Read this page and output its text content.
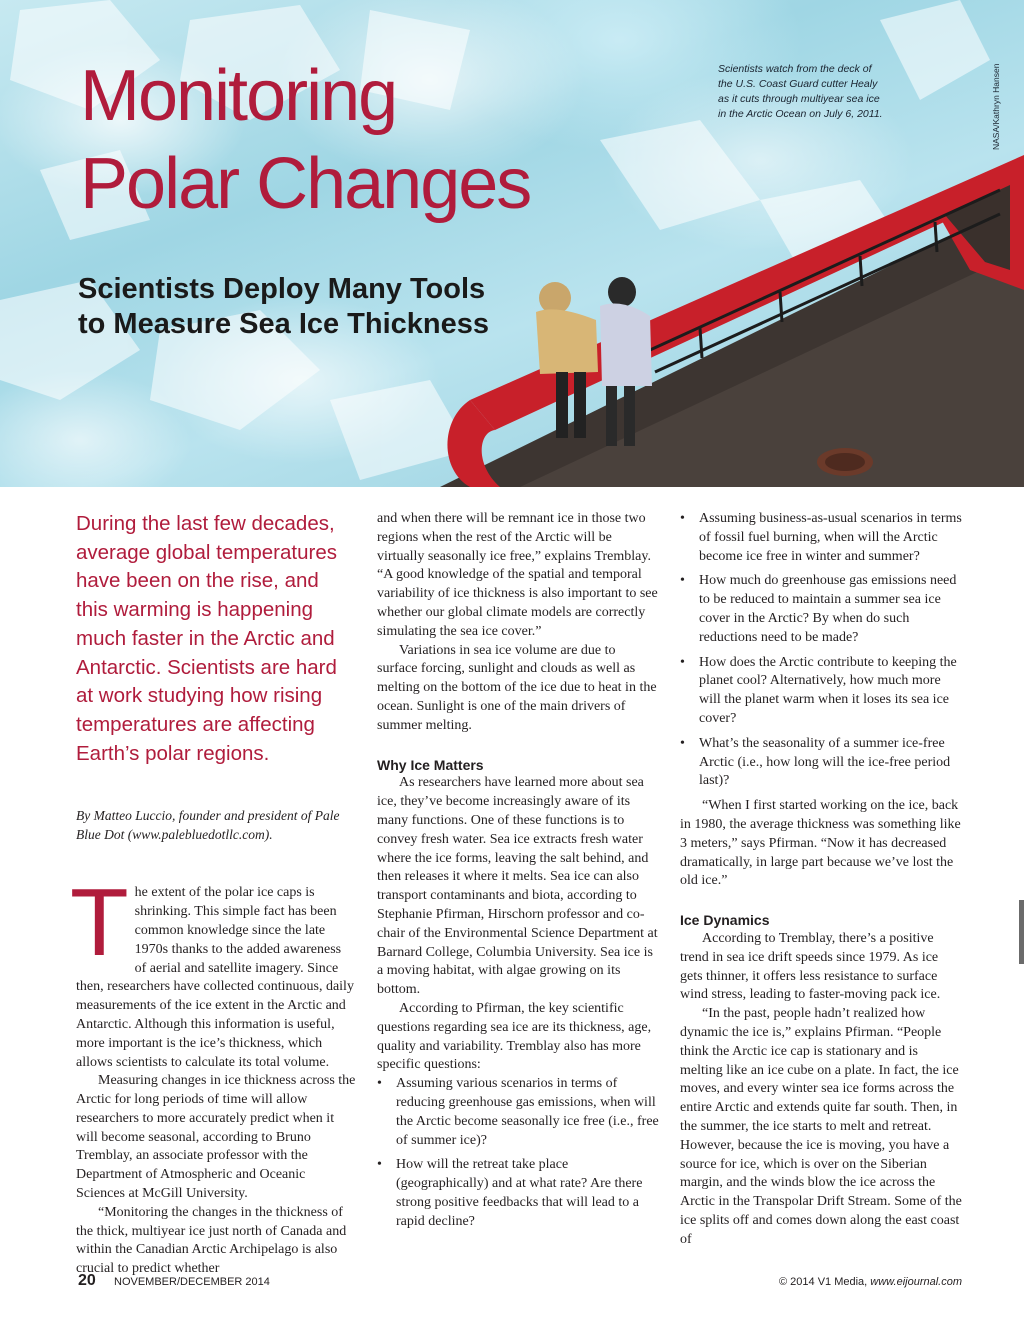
Monitoring
Polar Changes
Scientists Deploy Many Tools
to Measure Sea Ice Thickness
Scientists watch from the deck of the U.S. Coast Guard cutter Healy as it cuts through multiyear sea ice in the Arctic Ocean on July 6, 2011.	NASA/Kathryn Hansen

During the last few decades, average global temperatures have been on the rise, and this warming is happening much faster in the Arctic and Antarctic. Scientists are hard at work studying how rising temperatures are affecting Earth’s polar regions.

By Matteo Luccio, founder and president of Pale Blue Dot (www.palebluedotllc.com).

The extent of the polar ice caps is shrinking. This simple fact has been common knowledge since the late 1970s thanks to the added awareness of aerial and satellite imagery. Since then, researchers have collected continuous, daily measurements of the ice extent in the Arctic and Antarctic. Although this information is useful, more important is the ice’s thickness, which allows scientists to calculate its total volume.

Measuring changes in ice thickness across the Arctic for long periods of time will allow researchers to more accurately predict when it will become seasonal, according to Bruno Tremblay, an associate professor with the Department of Atmospheric and Oceanic Sciences at McGill University.

“Monitoring the changes in the thickness of the thick, multiyear ice just north of Canada and within the Canadian Arctic Archipelago is also crucial to predict whether

and when there will be remnant ice in those two regions when the rest of the Arctic will be virtually seasonally ice free,” explains Tremblay. “A good knowledge of the spatial and temporal variability of ice thickness is also important to see whether our global climate models are correctly simulating the sea ice cover.”

Variations in sea ice volume are due to surface forcing, sunlight and clouds as well as melting on the bottom of the ice due to heat in the ocean. Sunlight is one of the main drivers of summer melting.

Why Ice Matters

As researchers have learned more about sea ice, they’ve become increasingly aware of its many functions. One of these functions is to convey fresh water. Sea ice extracts fresh water where the ice forms, leaving the salt behind, and then releases it where it melts. Sea ice can also transport contaminants and biota, according to Stephanie Pfirman, Hirschorn professor and co-chair of the Environmental Science Department at Barnard College, Columbia University. Sea ice is a moving habitat, with algae growing on its bottom.

According to Pfirman, the key scientific questions regarding sea ice are its thickness, age, quality and variability. Tremblay also has more specific questions:

• Assuming various scenarios in terms of reducing greenhouse gas emissions, when will the Arctic become seasonally ice free (i.e., free of summer ice)?
• How will the retreat take place (geographically) and at what rate? Are there strong positive feedbacks that will lead to a rapid decline?
• Assuming business-as-usual scenarios in terms of fossil fuel burning, when will the Arctic become ice free in winter and summer?
• How much do greenhouse gas emissions need to be reduced to maintain a summer sea ice cover in the Arctic? By when do such reductions need to be made?
• How does the Arctic contribute to keeping the planet cool? Alternatively, how much more will the planet warm when it loses its sea ice cover?
• What’s the seasonality of a summer ice-free Arctic (i.e., how long will the ice-free period last)?

“When I first started working on the ice, back in 1980, the average thickness was something like 3 meters,” says Pfirman. “Now it has decreased dramatically, in large part because we’ve lost the old ice.”

Ice Dynamics

According to Tremblay, there’s a positive trend in sea ice drift speeds since 1979. As ice gets thinner, it offers less resistance to surface wind stress, leading to faster-moving pack ice.

“In the past, people hadn’t realized how dynamic the ice is,” explains Pfirman. “People think the Arctic ice cap is stationary and is melting like an ice cube on a plate. In fact, the ice moves, and every winter sea ice forms across the entire Arctic and extends quite far south. Then, in the summer, the ice starts to melt and retreat. However, because the ice is moving, you have a source for ice, which is over on the Siberian margin, and the winds blow the ice across the Arctic in the Transpolar Drift Stream. Some of the ice splits off and comes down along the east coast of

20 NOVEMBER/DECEMBER 2014	© 2014 V1 Media, www.eijournal.com
